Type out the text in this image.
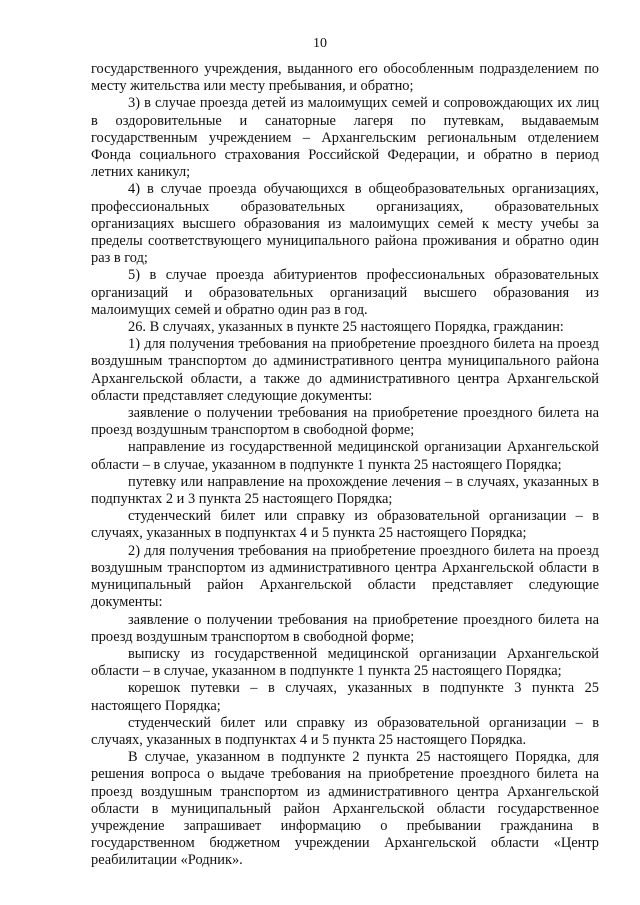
10

государственного учреждения, выданного его обособленным подразделением по месту жительства или месту пребывания, и обратно;

3) в случае проезда детей из малоимущих семей и сопровождающих их лиц в оздоровительные и санаторные лагеря по путевкам, выдаваемым государственным учреждением – Архангельским региональным отделением Фонда социального страхования Российской Федерации, и обратно в период летних каникул;

4) в случае проезда обучающихся в общеобразовательных организациях, профессиональных образовательных организациях, образовательных организациях высшего образования из малоимущих семей к месту учебы за пределы соответствующего муниципального района проживания и обратно один раз в год;

5) в случае проезда абитуриентов профессиональных образовательных организаций и образовательных организаций высшего образования из малоимущих семей и обратно один раз в год.

26. В случаях, указанных в пункте 25 настоящего Порядка, гражданин:

1) для получения требования на приобретение проездного билета на проезд воздушным транспортом до административного центра муниципального района Архангельской области, а также до административного центра Архангельской области представляет следующие документы:

заявление о получении требования на приобретение проездного билета на проезд воздушным транспортом в свободной форме;

направление из государственной медицинской организации Архангельской области – в случае, указанном в подпункте 1 пункта 25 настоящего Порядка;

путевку или направление на прохождение лечения – в случаях, указанных в подпунктах 2 и 3 пункта 25 настоящего Порядка;

студенческий билет или справку из образовательной организации – в случаях, указанных в подпунктах 4 и 5 пункта 25 настоящего Порядка;

2) для получения требования на приобретение проездного билета на проезд воздушным транспортом из административного центра Архангельской области в муниципальный район Архангельской области представляет следующие документы:

заявление о получении требования на приобретение проездного билета на проезд воздушным транспортом в свободной форме;

выписку из государственной медицинской организации Архангельской области – в случае, указанном в подпункте 1 пункта 25 настоящего Порядка;

корешок путевки – в случаях, указанных в подпункте 3 пункта 25 настоящего Порядка;

студенческий билет или справку из образовательной организации – в случаях, указанных в подпунктах 4 и 5 пункта 25 настоящего Порядка.

В случае, указанном в подпункте 2 пункта 25 настоящего Порядка, для решения вопроса о выдаче требования на приобретение проездного билета на проезд воздушным транспортом из административного центра Архангельской области в муниципальный район Архангельской области государственное учреждение запрашивает информацию о пребывании гражданина в государственном бюджетном учреждении Архангельской области «Центр реабилитации «Родник».
